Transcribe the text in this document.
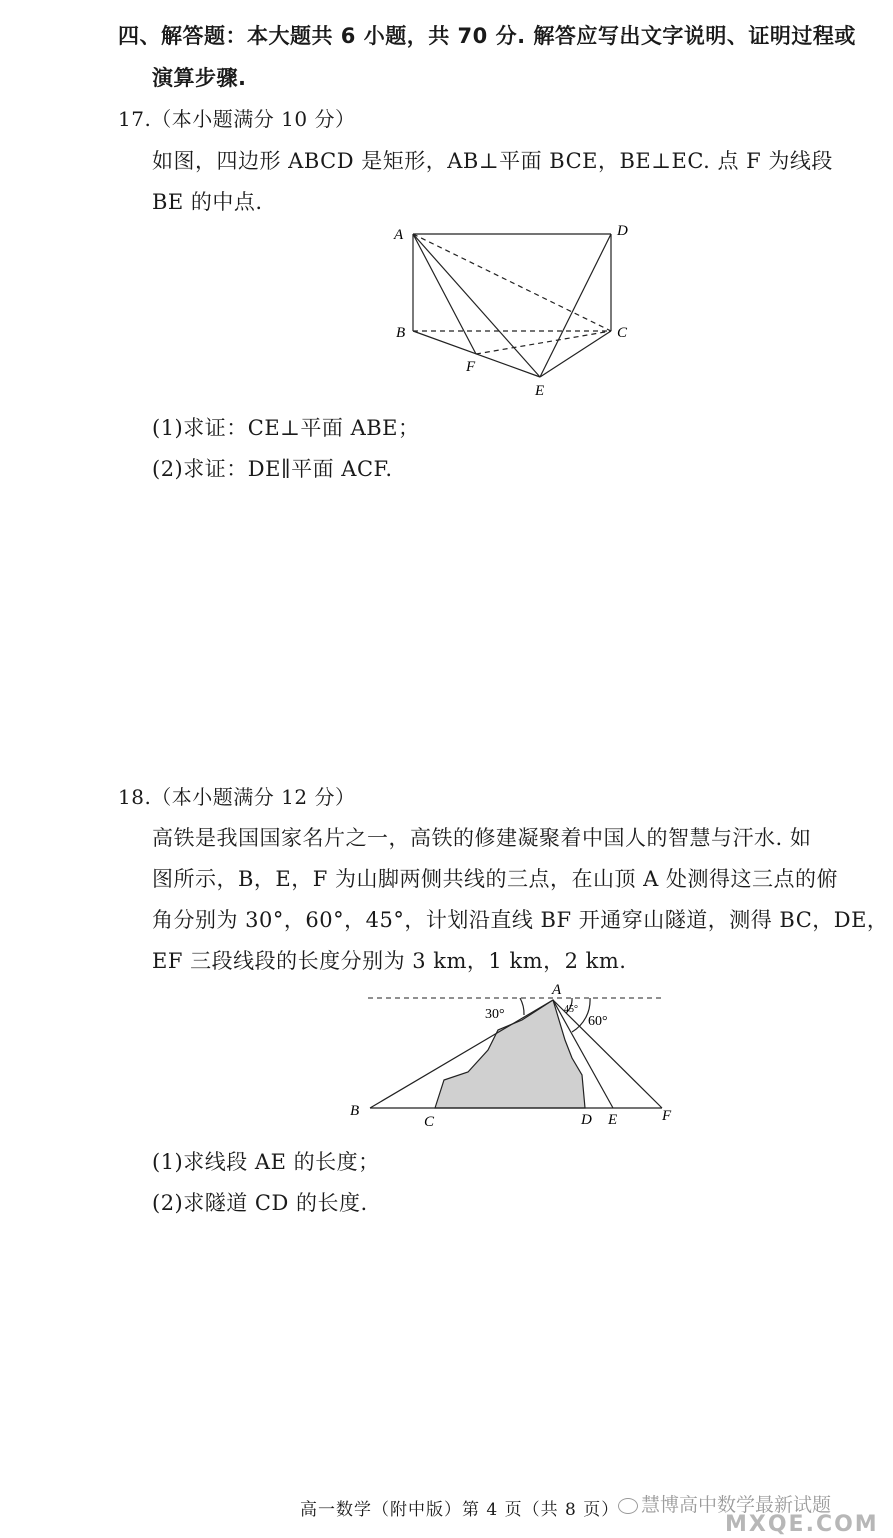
四、解答题：本大题共 6 小题，共 70 分. 解答应写出文字说明、证明过程或
演算步骤.
17.（本小题满分 10 分）
如图，四边形 ABCD 是矩形，AB⊥平面 BCE，BE⊥EC. 点 F 为线段
BE 的中点.
A	D
B	C
F
E
(1)求证：CE⊥平面 ABE；
(2)求证：DE∥平面 ACF.
18.（本小题满分 12 分）
高铁是我国国家名片之一，高铁的修建凝聚着中国人的智慧与汗水. 如
图所示，B，E，F 为山脚两侧共线的三点，在山顶 A 处测得这三点的俯
角分别为 30°，60°，45°，计划沿直线 BF 开通穿山隧道，测得 BC，DE，
EF 三段线段的长度分别为 3 km，1 km，2 km.
A
30°	45°
60°
B
C	D E	F
(1)求线段 AE 的长度；
(2)求隧道 CD 的长度.
高一数学（附中版）第 4 页（共 8 页）	慧博高中数学最新试题
MXQE.COM
